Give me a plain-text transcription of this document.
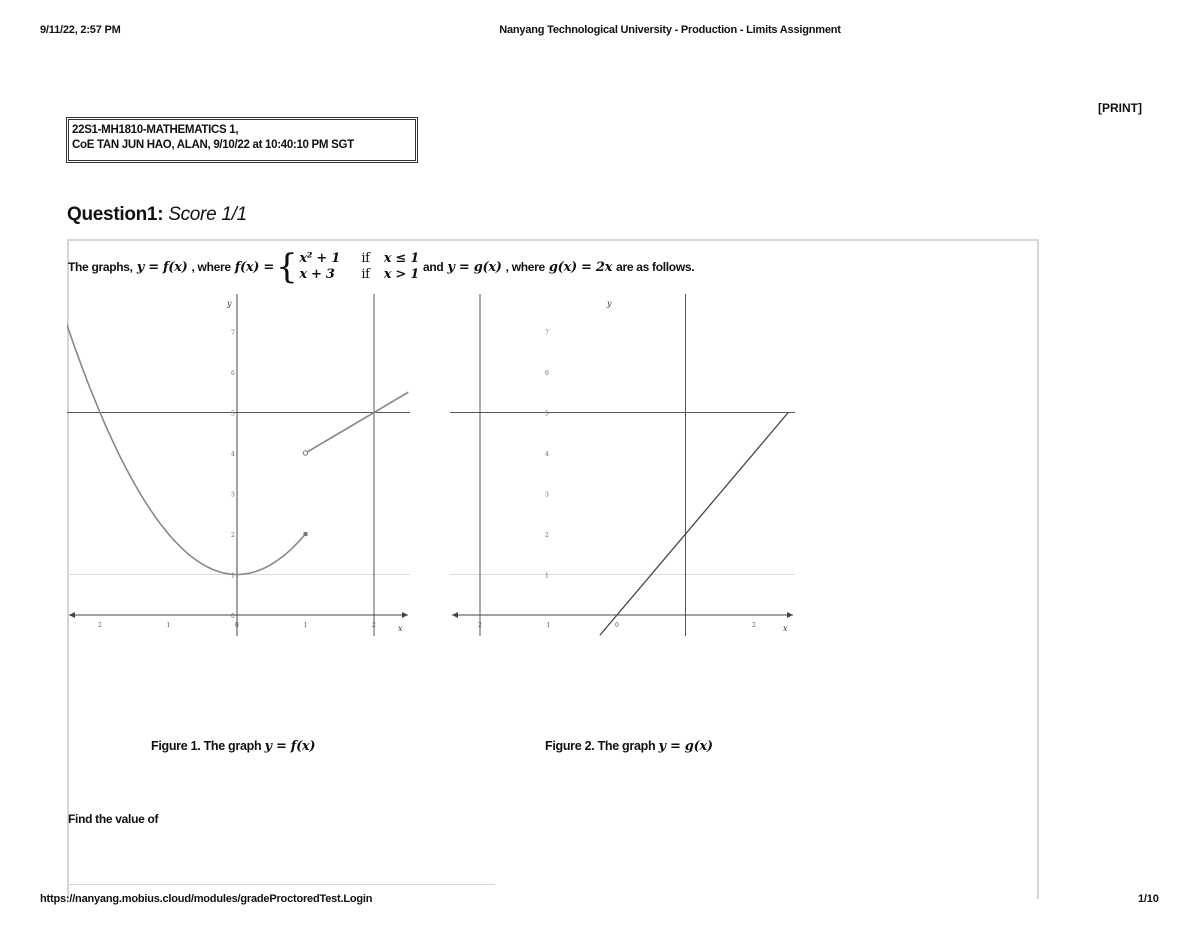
9/11/22, 2:57 PM	Nanyang Technological University - Production - Limits Assignment
[PRINT]
22S1-MH1810-MATHEMATICS 1,
CoE TAN JUN HAO, ALAN, 9/10/22 at 10:40:10 PM SGT
Question1: Score 1/1
The graphs, y = f(x) , where f(x) = { x² + 1	if x ≤ 1
x + 3	if x > 1 and y = g(x) , where g(x) = 2x are as follows.
y
x
7
6
5
4
3
2
1
0
2	1	0	1	2
y
x
7
6
5
4
3
2
1
2	1	0	2
Figure 1. The graph y = f(x)	Figure 2. The graph y = g(x)
Find the value of
https://nanyang.mobius.cloud/modules/gradeProctoredTest.Login	1/10
